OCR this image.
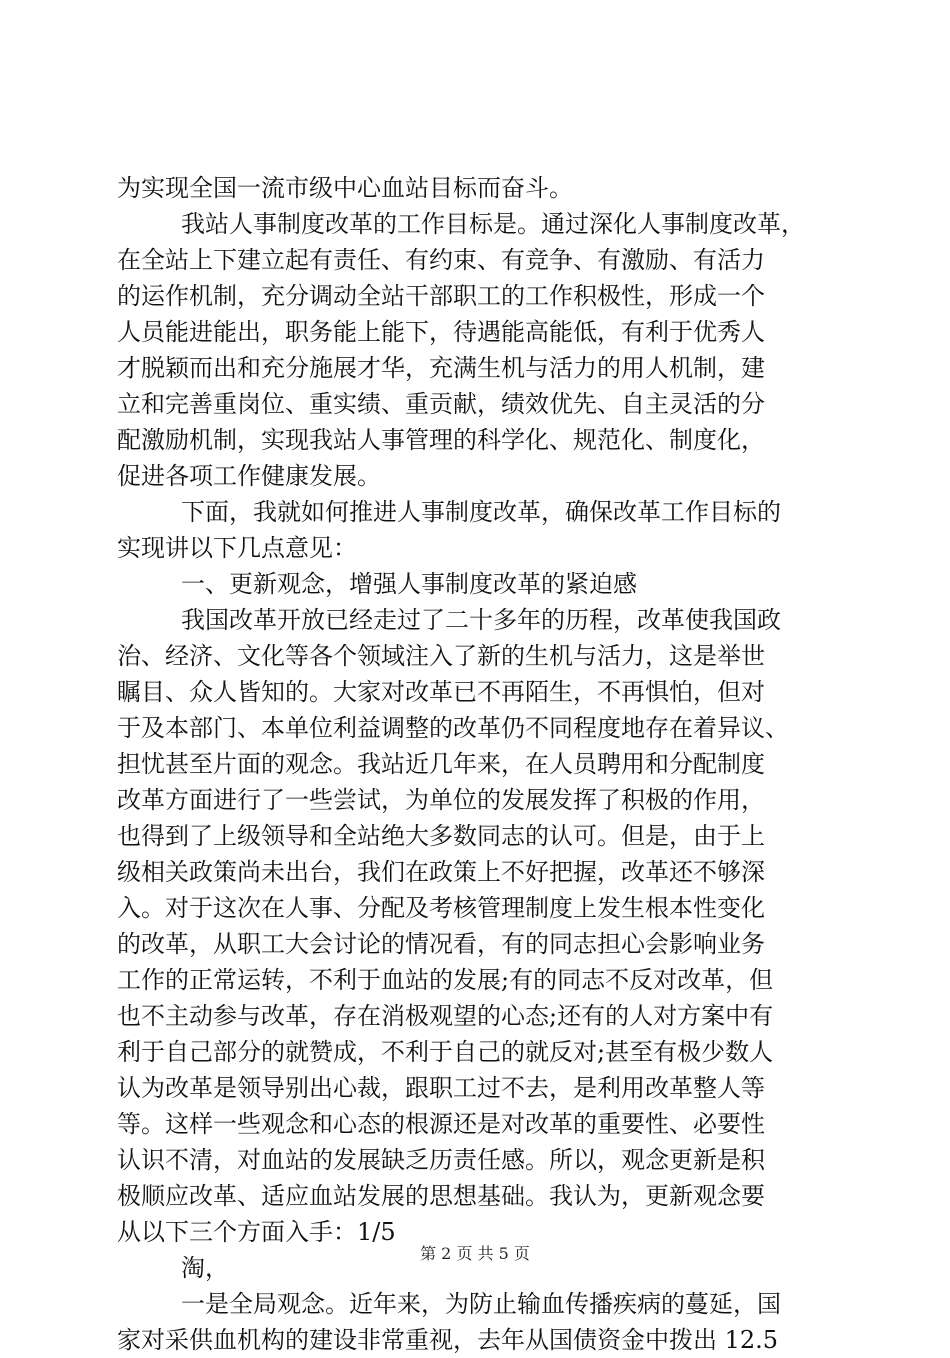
为实现全国一流市级中心血站目标而奋斗。
我站人事制度改革的工作目标是。通过深化人事制度改革，
在全站上下建立起有责任、有约束、有竞争、有激励、有活力
的运作机制，充分调动全站干部职工的工作积极性，形成一个
人员能进能出，职务能上能下，待遇能高能低，有利于优秀人
才脱颖而出和充分施展才华，充满生机与活力的用人机制，建
立和完善重岗位、重实绩、重贡献，绩效优先、自主灵活的分
配激励机制，实现我站人事管理的科学化、规范化、制度化，
促进各项工作健康发展。
下面，我就如何推进人事制度改革，确保改革工作目标的
实现讲以下几点意见：
一、更新观念，增强人事制度改革的紧迫感
我国改革开放已经走过了二十多年的历程，改革使我国政
治、经济、文化等各个领域注入了新的生机与活力，这是举世
瞩目、众人皆知的。大家对改革已不再陌生，不再惧怕，但对
于及本部门、本单位利益调整的改革仍不同程度地存在着异议、
担忧甚至片面的观念。我站近几年来，在人员聘用和分配制度
改革方面进行了一些尝试，为单位的发展发挥了积极的作用，
也得到了上级领导和全站绝大多数同志的认可。但是，由于上
级相关政策尚未出台，我们在政策上不好把握，改革还不够深
入。对于这次在人事、分配及考核管理制度上发生根本性变化
的改革，从职工大会讨论的情况看，有的同志担心会影响业务
工作的正常运转，不利于血站的发展;有的同志不反对改革，但
也不主动参与改革，存在消极观望的心态;还有的人对方案中有
利于自己部分的就赞成，不利于自己的就反对;甚至有极少数人
认为改革是领导别出心裁，跟职工过不去，是利用改革整人等
等。这样一些观念和心态的根源还是对改革的重要性、必要性
认识不清，对血站的发展缺乏历责任感。所以，观念更新是积
极顺应改革、适应血站发展的思想基础。我认为，更新观念要
从以下三个方面入手：1/5
淘，
一是全局观念。近年来，为防止输血传播疾病的蔓延，国
家对采供血机构的建设非常重视，去年从国债资金中拨出 12.5
第 2 页 共 5 页
